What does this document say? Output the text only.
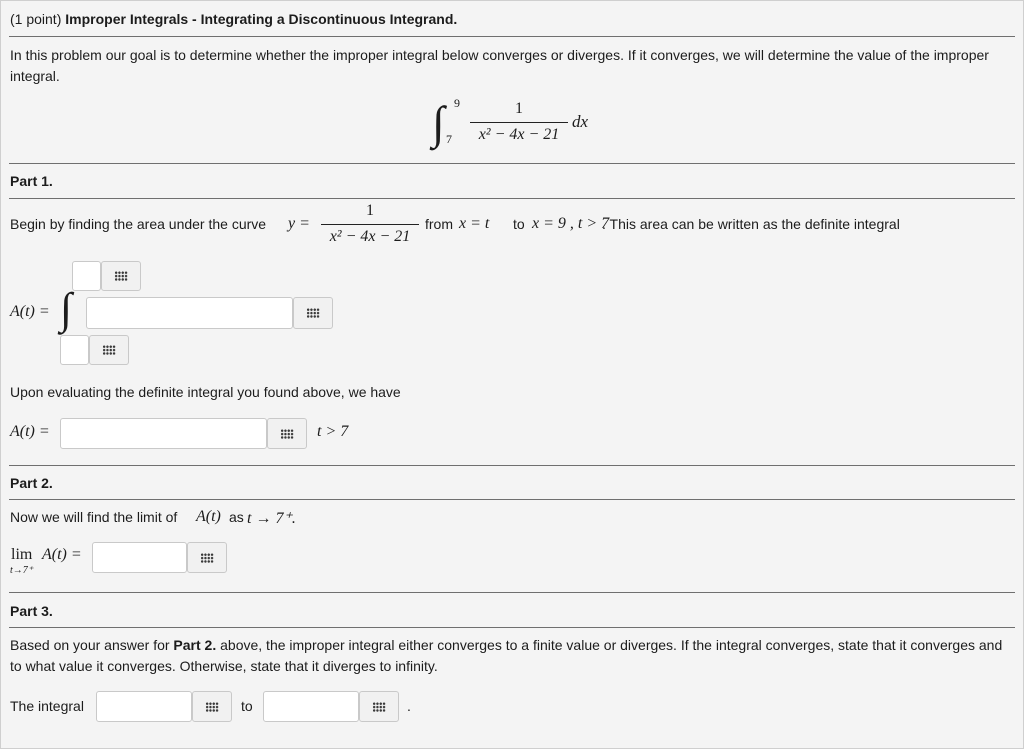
(1 point) Improper Integrals - Integrating a Discontinuous Integrand.
In this problem our goal is to determine whether the improper integral below converges or diverges. If it converges, we will determine the value of the improper integral.
∫ 9
7
1
x² − 4x − 21
dx
Part 1.
Begin by finding the area under the curve y =
1
x² − 4x − 21
from x = t to x = 9 , t > 7
. This area can be written as the definite integral
A(t) = ∫
Upon evaluating the definite integral you found above, we have
A(t) =	t > 7
Part 2.
Now we will find the limit of A(t) as t → 7⁺.
lim
t→7⁺
A(t) =
Part 3.
Based on your answer for Part 2. above, the improper integral either converges to a finite value or diverges. If the integral converges, state that it converges and to what value it converges. Otherwise, state that it diverges to infinity.
The integral	to	.
